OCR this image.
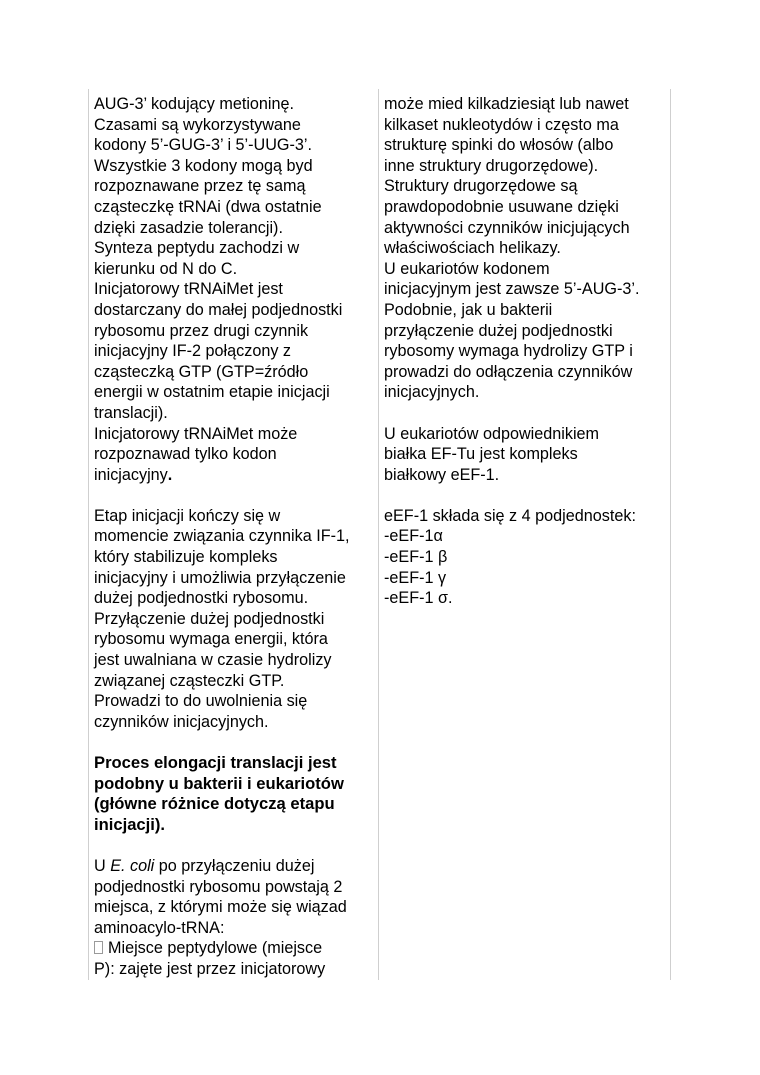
AUG-3’ kodujący metioninę.
Czasami są wykorzystywane
kodony 5’-GUG-3’ i 5’-UUG-3’.
Wszystkie 3 kodony mogą byd
rozpoznawane przez tę samą
cząsteczkę tRNAi (dwa ostatnie
dzięki zasadzie tolerancji).
Synteza peptydu zachodzi w
kierunku od N do C.
Inicjatorowy tRNAiMet jest
dostarczany do małej podjednostki
rybosomu przez drugi czynnik
inicjacyjny IF-2 połączony z
cząsteczką GTP (GTP=źródło
energii w ostatnim etapie inicjacji
translacji).
Inicjatorowy tRNAiMet może
rozpoznawad tylko kodon
inicjacyjny.
Etap inicjacji kończy się w
momencie związania czynnika IF-1,
który stabilizuje kompleks
inicjacyjny i umożliwia przyłączenie
dużej podjednostki rybosomu.
Przyłączenie dużej podjednostki
rybosomu wymaga energii, która
jest uwalniana w czasie hydrolizy
związanej cząsteczki GTP.
Prowadzi to do uwolnienia się
czynników inicjacyjnych.
Proces elongacji translacji jest
podobny u bakterii i eukariotów
(główne różnice dotyczą etapu
inicjacji).
U E. coli po przyłączeniu dużej
podjednostki rybosomu powstają 2
miejsca, z którymi może się wiązad
aminoacylo-tRNA:
Miejsce peptydylowe (miejsce
P): zajęte jest przez inicjatorowy
może mied kilkadziesiąt lub nawet
kilkaset nukleotydów i często ma
strukturę spinki do włosów (albo
inne struktury drugorzędowe).
Struktury drugorzędowe są
prawdopodobnie usuwane dzięki
aktywności czynników inicjujących
właściwościach helikazy.
U eukariotów kodonem
inicjacyjnym jest zawsze 5’-AUG-3’.
Podobnie, jak u bakterii
przyłączenie dużej podjednostki
rybosomy wymaga hydrolizy GTP i
prowadzi do odłączenia czynników
inicjacyjnych.
U eukariotów odpowiednikiem
białka EF-Tu jest kompleks
białkowy eEF-1.
eEF-1 składa się z 4 podjednostek:
-eEF-1α
-eEF-1 β
-eEF-1 γ
-eEF-1 σ.
